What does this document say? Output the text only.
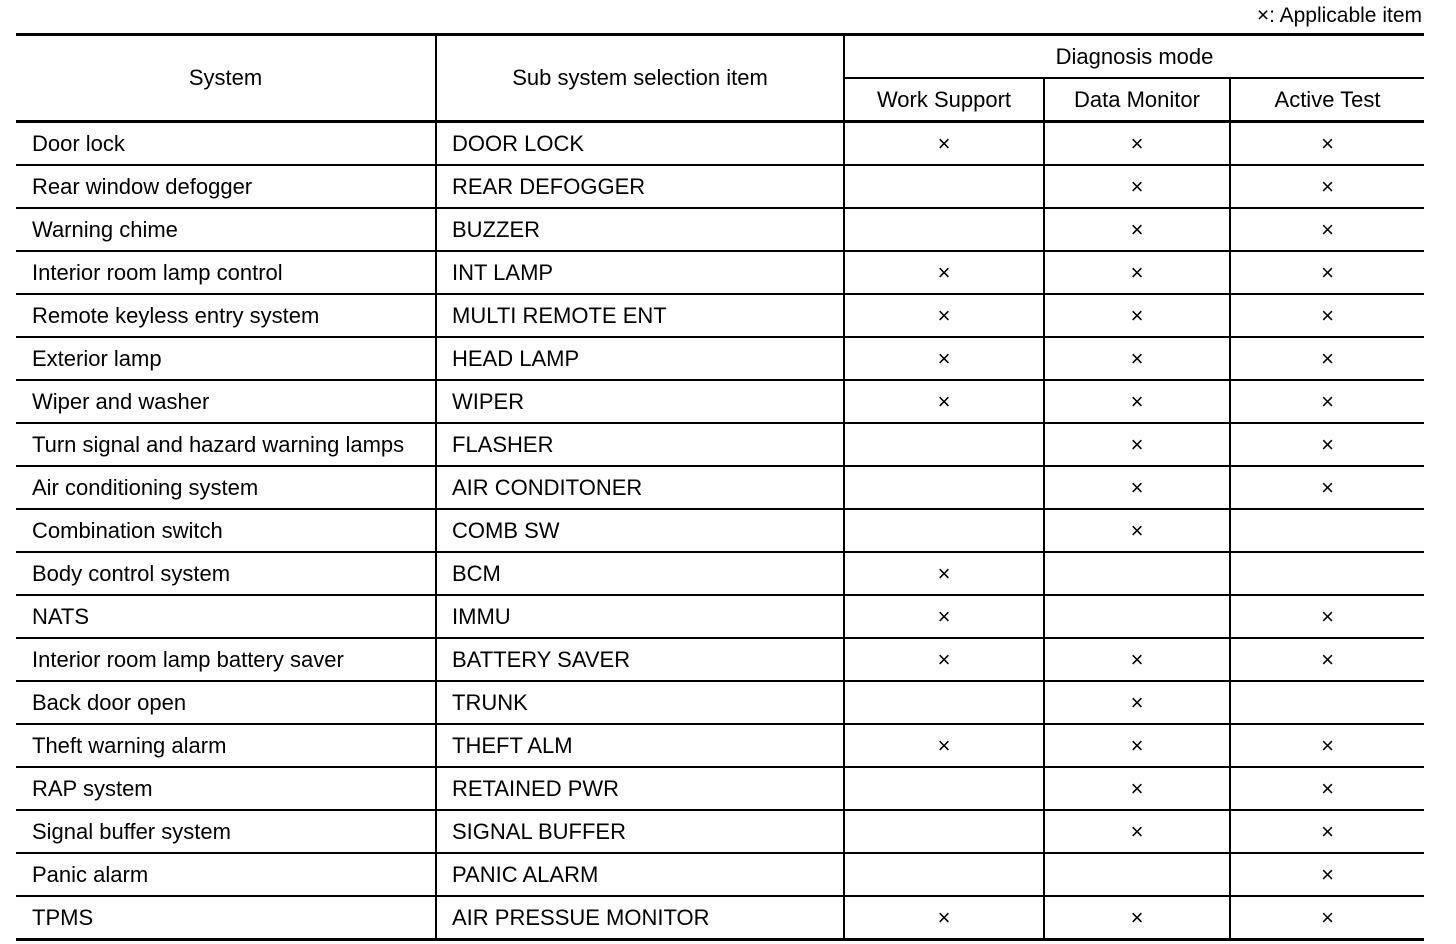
×: Applicable item
System	Sub system selection item	Diagnosis mode		
		Work Support	Data Monitor	Active Test
Door lock	DOOR LOCK	×	×	×
Rear window defogger	REAR DEFOGGER		×	×
Warning chime	BUZZER		×	×
Interior room lamp control	INT LAMP	×	×	×
Remote keyless entry system	MULTI REMOTE ENT	×	×	×
Exterior lamp	HEAD LAMP	×	×	×
Wiper and washer	WIPER	×	×	×
Turn signal and hazard warning lamps	FLASHER		×	×
Air conditioning system	AIR CONDITONER		×	×
Combination switch	COMB SW		×	
Body control system	BCM	×		
NATS	IMMU	×		×
Interior room lamp battery saver	BATTERY SAVER	×	×	×
Back door open	TRUNK		×	
Theft warning alarm	THEFT ALM	×	×	×
RAP system	RETAINED PWR		×	×
Signal buffer system	SIGNAL BUFFER		×	×
Panic alarm	PANIC ALARM			×
TPMS	AIR PRESSUE MONITOR	×	×	×
